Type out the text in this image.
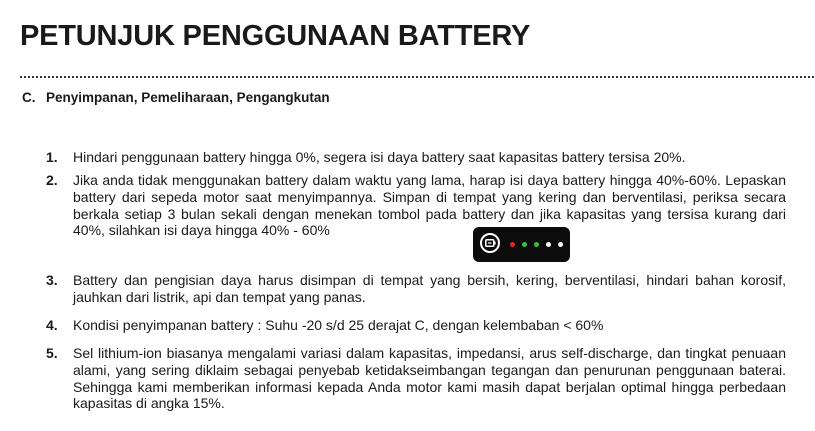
PETUNJUK PENGGUNAAN BATTERY
C. Penyimpanan, Pemeliharaan, Pengangkutan
1.	Hindari penggunaan battery hingga 0%, segera isi daya battery saat kapasitas battery tersisa 20%.
2.	Jika anda tidak menggunakan battery dalam waktu yang lama, harap isi daya battery hingga 40%-60%. Lepaskan battery dari sepeda motor saat menyimpannya. Simpan di tempat yang kering dan berventilasi, periksa secara berkala setiap 3 bulan sekali dengan menekan tombol pada battery dan jika kapasitas yang tersisa kurang dari 40%, silahkan isi daya hingga 40% - 60%
3.	Battery dan pengisian daya harus disimpan di tempat yang bersih, kering, berventilasi, hindari bahan korosif, jauhkan dari listrik, api dan tempat yang panas.
4.	Kondisi penyimpanan battery : Suhu -20 s/d 25 derajat C, dengan kelembaban < 60%
5.	Sel lithium-ion biasanya mengalami variasi dalam kapasitas, impedansi, arus self-discharge, dan tingkat penuaan alami, yang sering diklaim sebagai penyebab ketidakseimbangan tegangan dan penurunan penggunaan baterai. Sehingga kami memberikan informasi kepada Anda motor kami masih dapat berjalan optimal hingga perbedaan kapasitas di angka 15%.
